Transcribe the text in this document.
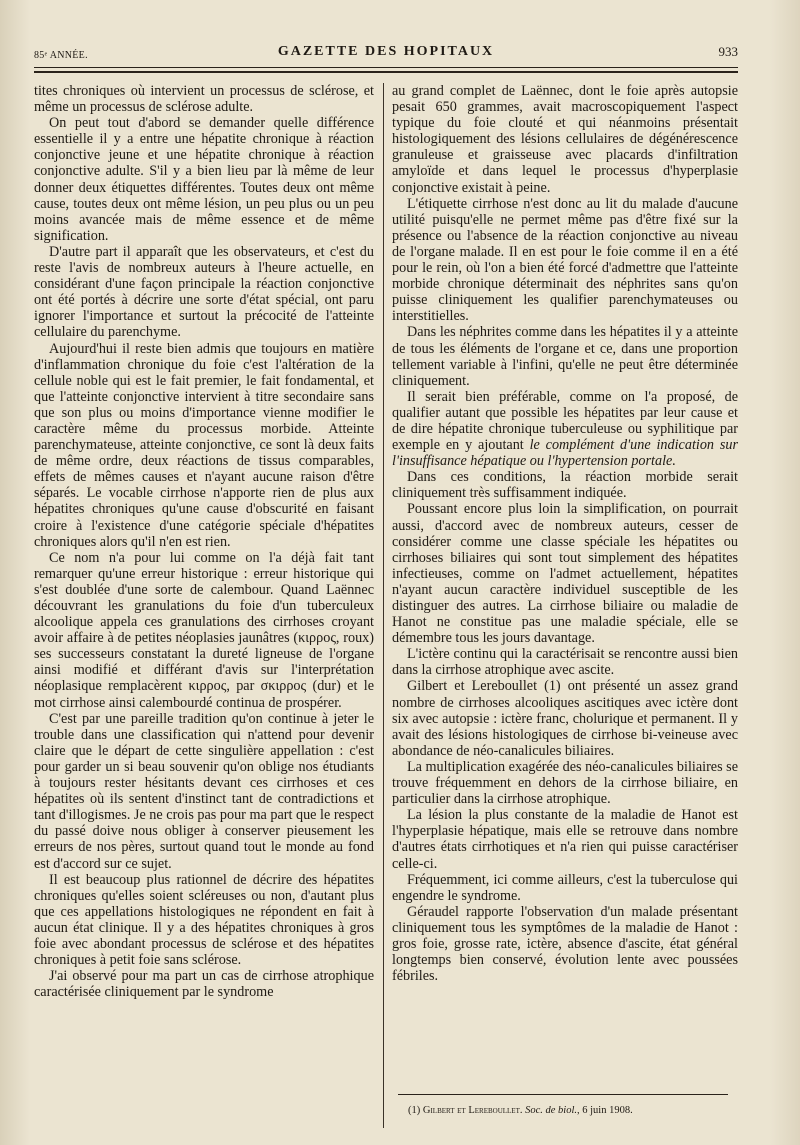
85ᵉ ANNÉE.	GAZETTE DES HOPITAUX	933

tites chroniques où intervient un processus de sclérose, et même un processus de sclérose adulte.

On peut tout d'abord se demander quelle différence essentielle il y a entre une hépatite chronique à réaction conjonctive jeune et une hépatite chronique à réaction conjonctive adulte. S'il y a bien lieu par là même de leur donner deux étiquettes différentes. Toutes deux ont même cause, toutes deux ont même lésion, un peu plus ou un peu moins avancée mais de même essence et de même signification.

D'autre part il apparaît que les observateurs, et c'est du reste l'avis de nombreux auteurs à l'heure actuelle, en considérant d'une façon principale la réaction conjonctive ont été portés à décrire une sorte d'état spécial, ont paru ignorer l'importance et surtout la précocité de l'atteinte cellulaire du parenchyme.

Aujourd'hui il reste bien admis que toujours en matière d'inflammation chronique du foie c'est l'altération de la cellule noble qui est le fait premier, le fait fondamental, et que l'atteinte conjonctive intervient à titre secondaire sans que son plus ou moins d'importance vienne modifier le caractère même du processus morbide. Atteinte parenchymateuse, atteinte conjonctive, ce sont là deux faits de même ordre, deux réactions de tissus comparables, effets de mêmes causes et n'ayant aucune raison d'être séparés. Le vocable cirrhose n'apporte rien de plus aux hépatites chroniques qu'une cause d'obscurité en faisant croire à l'existence d'une catégorie spéciale d'hépatites chroniques alors qu'il n'en est rien.

Ce nom n'a pour lui comme on l'a déjà fait tant remarquer qu'une erreur historique : erreur historique qui s'est doublée d'une sorte de calembour. Quand Laënnec découvrant les granulations du foie d'un tuberculeux alcoolique appela ces granulations des cirrhoses croyant avoir affaire à de petites néoplasies jaunâtres (κιρρος, roux) ses successeurs constatant la dureté ligneuse de l'organe ainsi modifié et différant d'avis sur l'interprétation néoplasique remplacèrent κιρρος, par σκιρρος (dur) et le mot cirrhose ainsi calembourdé continua de prospérer.

C'est par une pareille tradition qu'on continue à jeter le trouble dans une classification qui n'attend pour devenir claire que le départ de cette singulière appellation : c'est pour garder un si beau souvenir qu'on oblige nos étudiants à toujours rester hésitants devant ces cirrhoses et ces hépatites où ils sentent d'instinct tant de contradictions et tant d'illogismes. Je ne crois pas pour ma part que le respect du passé doive nous obliger à conserver pieusement les erreurs de nos pères, surtout quand tout le monde au fond est d'accord sur ce sujet.

Il est beaucoup plus rationnel de décrire des hépatites chroniques qu'elles soient scléreuses ou non, d'autant plus que ces appellations histologiques ne répondent en fait à aucun état clinique. Il y a des hépatites chroniques à gros foie avec abondant processus de sclérose et des hépatites chroniques à petit foie sans sclérose.

J'ai observé pour ma part un cas de cirrhose atrophique caractérisée cliniquement par le syndrome

au grand complet de Laënnec, dont le foie après autopsie pesait 650 grammes, avait macroscopiquement l'aspect typique du foie clouté et qui néanmoins présentait histologiquement des lésions cellulaires de dégénérescence granuleuse et graisseuse avec placards d'infiltration amyloïde et dans lequel le processus d'hyperplasie conjonctive existait à peine.

L'étiquette cirrhose n'est donc au lit du malade d'aucune utilité puisqu'elle ne permet même pas d'être fixé sur la présence ou l'absence de la réaction conjonctive au niveau de l'organe malade. Il en est pour le foie comme il en a été pour le rein, où l'on a bien été forcé d'admettre que l'atteinte morbide chronique déterminait des néphrites sans qu'on puisse cliniquement les qualifier parenchymateuses ou interstitielles.

Dans les néphrites comme dans les hépatites il y a atteinte de tous les éléments de l'organe et ce, dans une proportion tellement variable à l'infini, qu'elle ne peut être déterminée cliniquement.

Il serait bien préférable, comme on l'a proposé, de qualifier autant que possible les hépatites par leur cause et de dire hépatite chronique tuberculeuse ou syphilitique par exemple en y ajoutant le complément d'une indication sur l'insuffisance hépatique ou l'hypertension portale.

Dans ces conditions, la réaction morbide serait cliniquement très suffisamment indiquée.

Poussant encore plus loin la simplification, on pourrait aussi, d'accord avec de nombreux auteurs, cesser de considérer comme une classe spéciale les hépatites ou cirrhoses biliaires qui sont tout simplement des hépatites infectieuses, comme on l'admet actuellement, hépatites n'ayant aucun caractère individuel susceptible de les distinguer des autres. La cirrhose biliaire ou maladie de Hanot ne constitue pas une maladie spéciale, elle se démembre tous les jours davantage.

L'ictère continu qui la caractérisait se rencontre aussi bien dans la cirrhose atrophique avec ascite.

Gilbert et Lereboullet (1) ont présenté un assez grand nombre de cirrhoses alcooliques ascitiques avec ictère dont six avec autopsie : ictère franc, cholurique et permanent. Il y avait des lésions histologiques de cirrhose bi-veineuse avec abondance de néo-canalicules biliaires.

La multiplication exagérée des néo-canalicules biliaires se trouve fréquemment en dehors de la cirrhose biliaire, en particulier dans la cirrhose atrophique.

La lésion la plus constante de la maladie de Hanot est l'hyperplasie hépatique, mais elle se retrouve dans nombre d'autres états cirrhotiques et n'a rien qui puisse caractériser celle-ci.

Fréquemment, ici comme ailleurs, c'est la tuberculose qui engendre le syndrome.

Géraudel rapporte l'observation d'un malade présentant cliniquement tous les symptômes de la maladie de Hanot : gros foie, grosse rate, ictère, absence d'ascite, état général longtemps bien conservé, évolution lente avec poussées fébriles.

(1) Gilbert et Lereboullet. Soc. de biol., 6 juin 1908.
